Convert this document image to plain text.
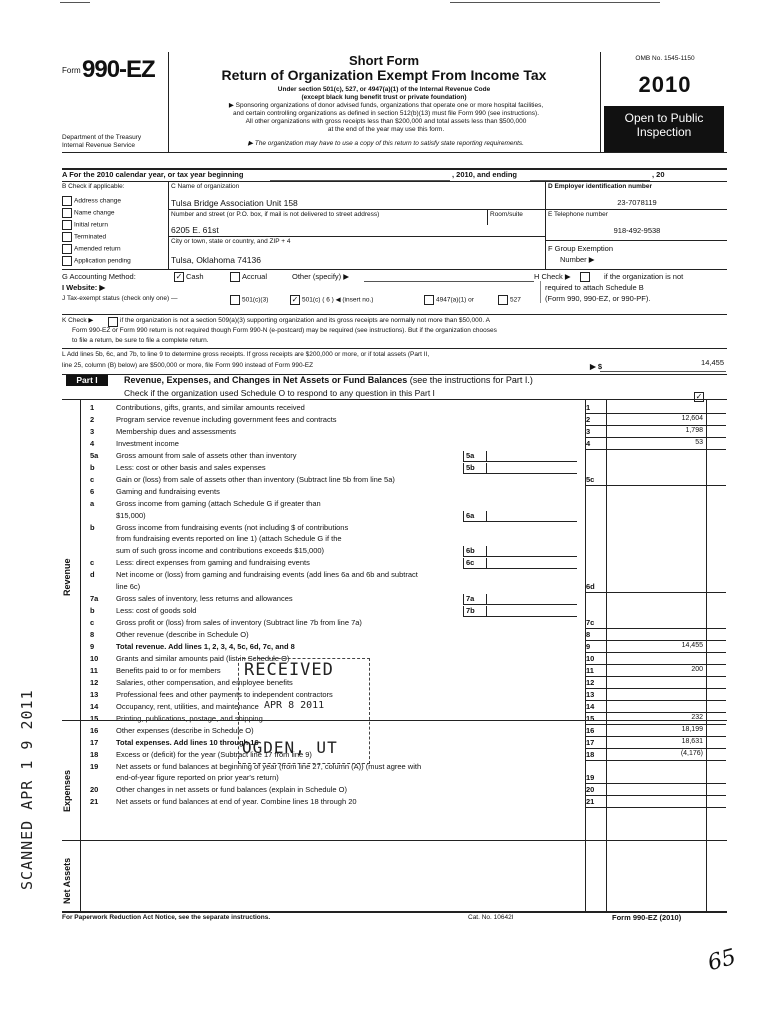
Form 990-EZ
Department of the Treasury
Internal Revenue Service
Short Form
Return of Organization Exempt From Income Tax
Under section 501(c), 527, or 4947(a)(1) of the Internal Revenue Code
(except black lung benefit trust or private foundation)
▶ Sponsoring organizations of donor advised funds, organizations that operate one or more hospital facilities,
and certain controlling organizations as defined in section 512(b)(13) must file Form 990 (see instructions).
All other organizations with gross receipts less than $200,000 and total assets less than $500,000
at the end of the year may use this form.
▶ The organization may have to use a copy of this return to satisfy state reporting requirements.
OMB No. 1545-1150
2010
Open to Public
Inspection
A For the 2010 calendar year, or tax year beginning	, 2010, and ending	, 20
B Check if applicable:
Address change
Name change
Initial return
Terminated
Amended return
Application pending
C Name of organization
Tulsa Bridge Association Unit 158
Number and street (or P.O. box, if mail is not delivered to street address)	Room/suite
6205 E. 61st
City or town, state or country, and ZIP + 4
Tulsa, Oklahoma 74136
D Employer identification number
23-7078119
E Telephone number
918-492-9538
F Group Exemption
Number ▶
G Accounting Method: ✓	Cash	Accrual	Other (specify) ▶	H Check ▶	if the organization is not
required to attach Schedule B
(Form 990, 990-EZ, or 990-PF).
I Website: ▶
J Tax-exempt status (check only one) —	501(c)(3) ✓	501(c) ( 6 ) ◀ (insert no.)	4947(a)(1) or	527
K Check ▶	if the organization is not a section 509(a)(3) supporting organization and its gross receipts are normally not more than $50,000. A
Form 990-EZ or Form 990 return is not required though Form 990-N (e-postcard) may be required (see instructions). But if the organization chooses
to file a return, be sure to file a complete return.
L Add lines 5b, 6c, and 7b, to line 9 to determine gross receipts. If gross receipts are $200,000 or more, or if total assets (Part II,
line 25, column (B) below) are $500,000 or more, file Form 990 instead of Form 990-EZ	▶ $	14,455
Part I	Revenue, Expenses, and Changes in Net Assets or Fund Balances (see the instructions for Part I.)
Check if the organization used Schedule O to respond to any question in this Part I
✓
Revenue
Expenses
Net Assets
1	Contributions, gifts, grants, and similar amounts received	1
2	Program service revenue including government fees and contracts	2	12,604
3	Membership dues and assessments	3	1,798
4	Investment income	4	53
5a Gross amount from sale of assets other than inventory	5a
b	Less: cost or other basis and sales expenses	5b
c	Gain or (loss) from sale of assets other than inventory (Subtract line 5b from line 5a)	5c
6	Gaming and fundraising events
a	Gross income from gaming (attach Schedule G if greater than
$15,000)	6a
b	Gross income from fundraising events (not including $ of contributions
from fundraising events reported on line 1) (attach Schedule G if the
sum of such gross income and contributions exceeds $15,000)	6b
c	Less: direct expenses from gaming and fundraising events	6c
d	Net income or (loss) from gaming and fundraising events (add lines 6a and 6b and subtract
line 6c)	6d
7a Gross sales of inventory, less returns and allowances	7a
b	Less: cost of goods sold	7b
c	Gross profit or (loss) from sales of inventory (Subtract line 7b from line 7a)	7c
8	Other revenue (describe in Schedule O)	8
9	Total revenue. Add lines 1, 2, 3, 4, 5c, 6d, 7c, and 8	9	14,455
10 Grants and similar amounts paid (list in Schedule O)	10
11 Benefits paid to or for members	11	200
12 Salaries, other compensation, and employee benefits	12
13 Professional fees and other payments to independent contractors	13
14 Occupancy, rent, utilities, and maintenance	14
15 Printing, publications, postage, and shipping	15	232
16 Other expenses (describe in Schedule O)	16	18,199
17 Total expenses. Add lines 10 through 16	17	18,631
18 Excess or (deficit) for the year (Subtract line 17 from line 9)	18	(4,176)
19 Net assets or fund balances at beginning of year (from line 27, column (A)) (must agree with
end-of-year figure reported on prior year's return)	19
20 Other changes in net assets or fund balances (explain in Schedule O)	20
21 Net assets or fund balances at end of year. Combine lines 18 through 20	21
For Paperwork Reduction Act Notice, see the separate instructions.	Cat. No. 10642I	Form 990-EZ (2010)
RECEIVED
APR 8 2011
OGDEN, UT
SCANNED APR 1 9 2011
65
